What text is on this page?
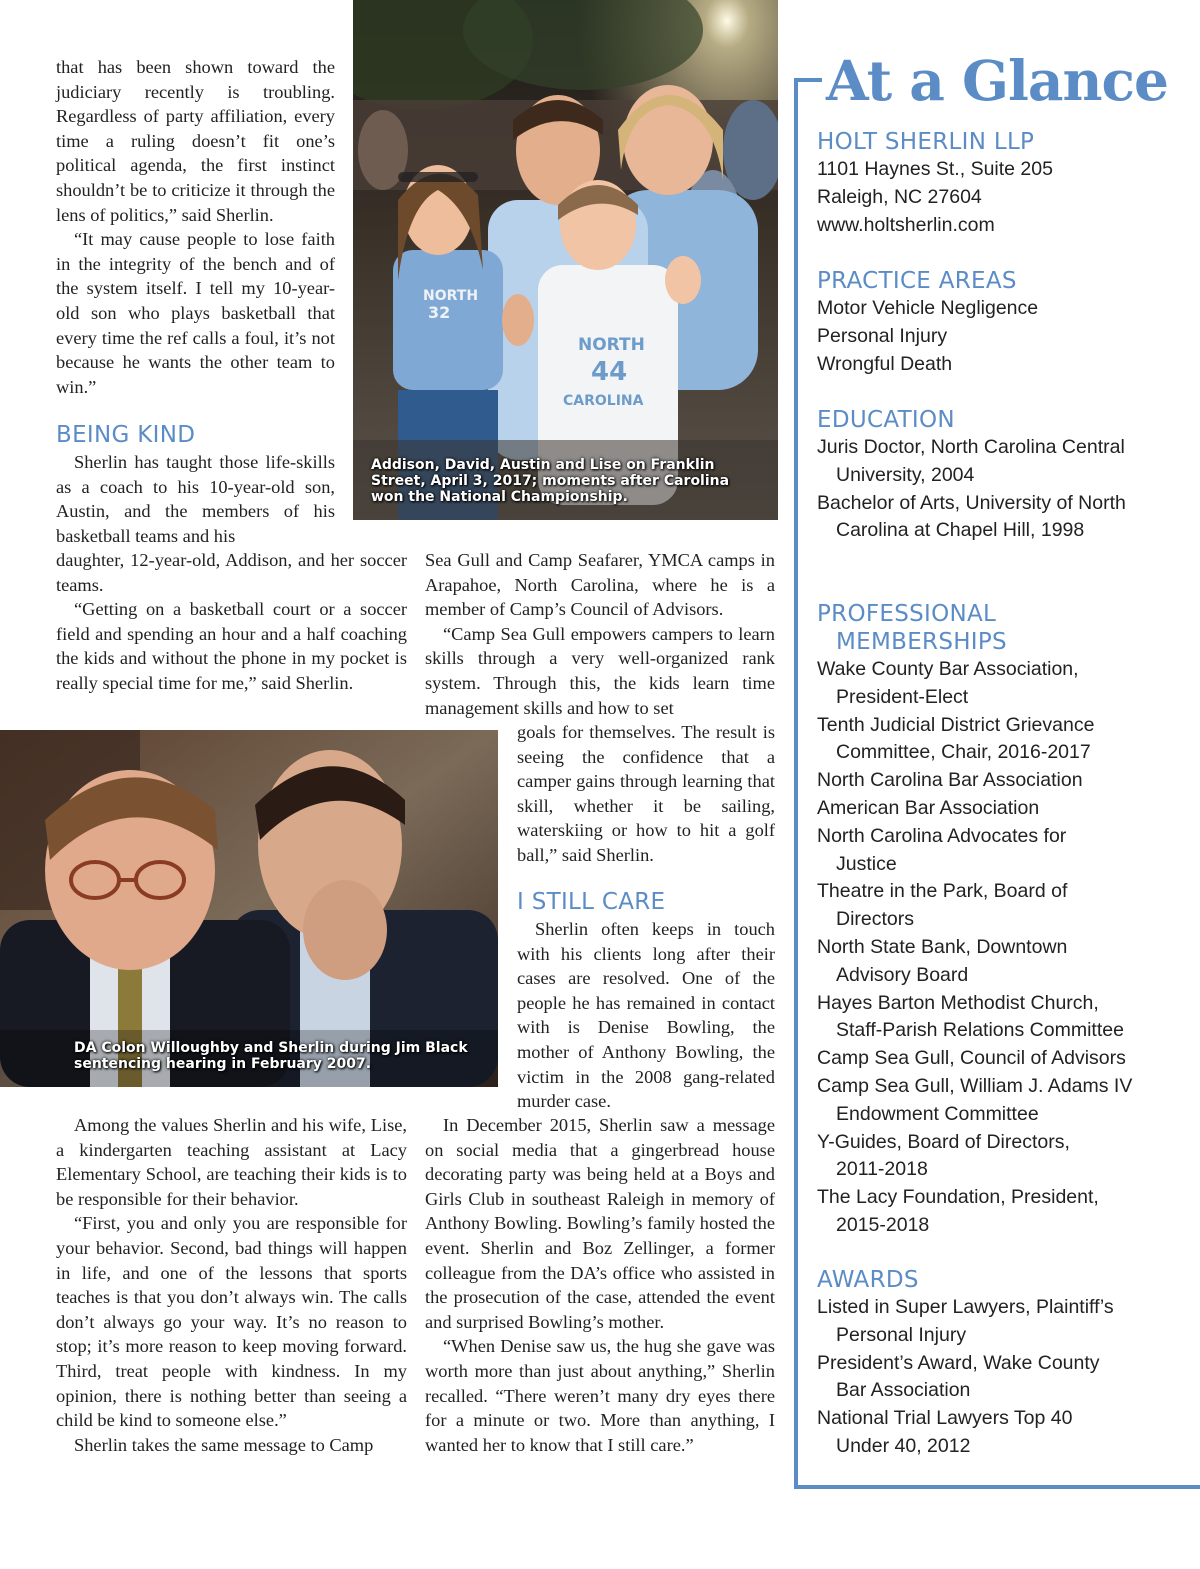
that has been shown toward the judiciary recently is troubling. Regardless of party affiliation, every time a ruling doesn’t fit one’s political agenda, the first instinct shouldn’t be to criticize it through the lens of politics,” said Sherlin.

“It may cause people to lose faith in the integrity of the bench and of the system itself. I tell my 10-year-old son who plays basketball that every time the ref calls a foul, it’s not because he wants the other team to win.”

BEING KIND

Sherlin has taught those life-skills as a coach to his 10-year-old son, Austin, and the members of his basketball teams and his

daughter, 12-year-old, Addison, and her soccer teams.

“Getting on a basketball court or a soccer field and spending an hour and a half coaching the kids and without the phone in my pocket is really special time for me,” said Sherlin.

Sea Gull and Camp Seafarer, YMCA camps in Arapahoe, North Carolina, where he is a member of Camp’s Council of Advisors.

“Camp Sea Gull empowers campers to learn skills through a very well-organized rank system. Through this, the kids learn time management skills and how to set

goals for themselves. The result is seeing the confidence that a camper gains through learning that skill, whether it be sailing, waterskiing or how to hit a golf ball,” said Sherlin.

I STILL CARE

Sherlin often keeps in touch with his clients long after their cases are resolved. One of the people he has remained in contact with is Denise Bowling, the mother of Anthony Bowling, the victim in the 2008 gang-related murder case.

Among the values Sherlin and his wife, Lise, a kindergarten teaching assistant at Lacy Elementary School, are teaching their kids is to be responsible for their behavior.

“First, you and only you are responsible for your behavior. Second, bad things will happen in life, and one of the lessons that sports teaches is that you don’t always win. The calls don’t always go your way. It’s no reason to stop; it’s more reason to keep moving forward. Third, treat people with kindness. In my opinion, there is nothing better than seeing a child be kind to someone else.”

Sherlin takes the same message to Camp

In December 2015, Sherlin saw a message on social media that a gingerbread house decorating party was being held at a Boys and Girls Club in southeast Raleigh in memory of Anthony Bowling. Bowling’s family hosted the event. Sherlin and Boz Zellinger, a former colleague from the DA’s office who assisted in the prosecution of the case, attended the event and surprised Bowling’s mother.

“When Denise saw us, the hug she gave was worth more than just about anything,” Sherlin recalled. “There weren’t many dry eyes there for a minute or two. More than anything, I wanted her to know that I still care.”

NORTH
32
NORTH
44
CAROLINA
Addison, David, Austin and Lise on Franklin Street, April 3, 2017; moments after Carolina won the National Championship.
DA Colon Willoughby and Sherlin during Jim Black sentencing hearing in February 2007.
At a Glance
HOLT SHERLIN LLP
1101 Haynes St., Suite 205
Raleigh, NC 27604
www.holtsherlin.com
PRACTICE AREAS
Motor Vehicle Negligence
Personal Injury
Wrongful Death
EDUCATION
Juris Doctor, North Carolina Central University, 2004
Bachelor of Arts, University of North Carolina at Chapel Hill, 1998
PROFESSIONAL
MEMBERSHIPS
Wake County Bar Association, President-Elect
Tenth Judicial District Grievance Committee, Chair, 2016-2017
North Carolina Bar Association
American Bar Association
North Carolina Advocates for Justice
Theatre in the Park, Board of Directors
North State Bank, Downtown Advisory Board
Hayes Barton Methodist Church, Staff-Parish Relations Committee
Camp Sea Gull, Council of Advisors
Camp Sea Gull, William J. Adams IV Endowment Committee
Y-Guides, Board of Directors, 2011-2018
The Lacy Foundation, President, 2015-2018
AWARDS
Listed in Super Lawyers, Plaintiff’s Personal Injury
President’s Award, Wake County Bar Association
National Trial Lawyers Top 40 Under 40, 2012
